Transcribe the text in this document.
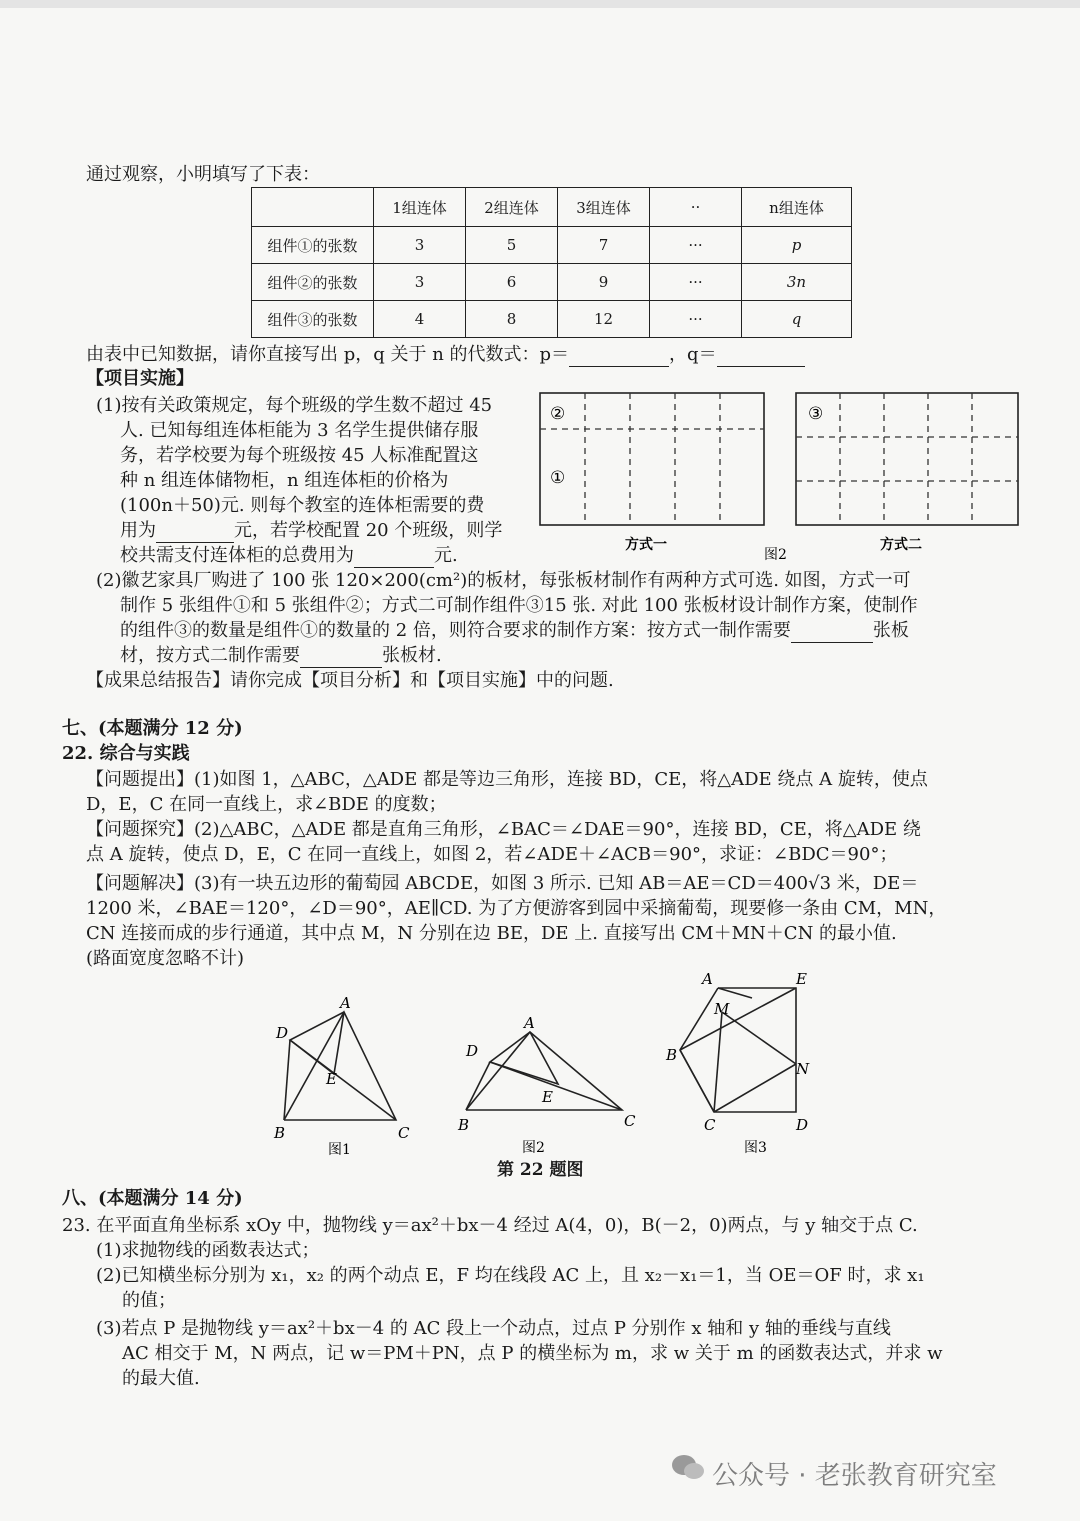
通过观察，小明填写了下表：
	1组连体	2组连体	3组连体	··	n组连体
组件①的张数	3	5	7	···	p
组件②的张数	3	6	9	···	3n
组件③的张数	4	8	12	···	q
由表中已知数据，请你直接写出 p，q 关于 n 的代数式：p＝	，q＝
【项目实施】
(1)按有关政策规定，每个班级的学生数不超过 45
人. 已知每组连体柜能为 3 名学生提供储存服
务，若学校要为每个班级按 45 人标准配置这
种 n 组连体储物柜，n 组连体柜的价格为
(100n＋50)元. 则每个教室的连体柜需要的费
用为	元，若学校配置 20 个班级，则学
校共需支付连体柜的总费用为	元.
②
①
③
方式一
图2
方式二
(2)徽艺家具厂购进了 100 张 120×200(cm²)的板材，每张板材制作有两种方式可选. 如图，方式一可
制作 5 张组件①和 5 张组件②；方式二可制作组件③15 张. 对此 100 张板材设计制作方案，使制作
的组件③的数量是组件①的数量的 2 倍，则符合要求的制作方案：按方式一制作需要	张板
材，按方式二制作需要	张板材.
【成果总结报告】请你完成【项目分析】和【项目实施】中的问题.
七、(本题满分 12 分)
22. 综合与实践
【问题提出】(1)如图 1，△ABC，△ADE 都是等边三角形，连接 BD，CE，将△ADE 绕点 A 旋转，使点
D，E，C 在同一直线上，求∠BDE 的度数；
【问题探究】(2)△ABC，△ADE 都是直角三角形，∠BAC＝∠DAE＝90°，连接 BD，CE，将△ADE 绕
点 A 旋转，使点 D，E，C 在同一直线上，如图 2，若∠ADE＋∠ACB＝90°，求证：∠BDC＝90°；
【问题解决】(3)有一块五边形的葡萄园 ABCDE，如图 3 所示. 已知 AB＝AE＝CD＝400√3 米，DE＝
1200 米，∠BAE＝120°，∠D＝90°，AE∥CD. 为了方便游客到园中采摘葡萄，现要修一条由 CM，MN，
CN 连接而成的步行通道，其中点 M，N 分别在边 BE，DE 上. 直接写出 CM＋MN＋CN 的最小值.
(路面宽度忽略不计)
A
B	C
D
E
图1
A
B	C
D
E
图2
A	E
M
B
N
C	D
图3
第 22 题图
八、(本题满分 14 分)
23. 在平面直角坐标系 xOy 中，抛物线 y＝ax²＋bx－4 经过 A(4，0)，B(－2，0)两点，与 y 轴交于点 C.
(1)求抛物线的函数表达式；
(2)已知横坐标分别为 x₁，x₂ 的两个动点 E，F 均在线段 AC 上，且 x₂－x₁＝1，当 OE＝OF 时，求 x₁
的值；
(3)若点 P 是抛物线 y＝ax²＋bx－4 的 AC 段上一个动点，过点 P 分别作 x 轴和 y 轴的垂线与直线
AC 相交于 M，N 两点，记 w＝PM＋PN，点 P 的横坐标为 m，求 w 关于 m 的函数表达式，并求 w
的最大值.
公众号 · 老张教育研究室
